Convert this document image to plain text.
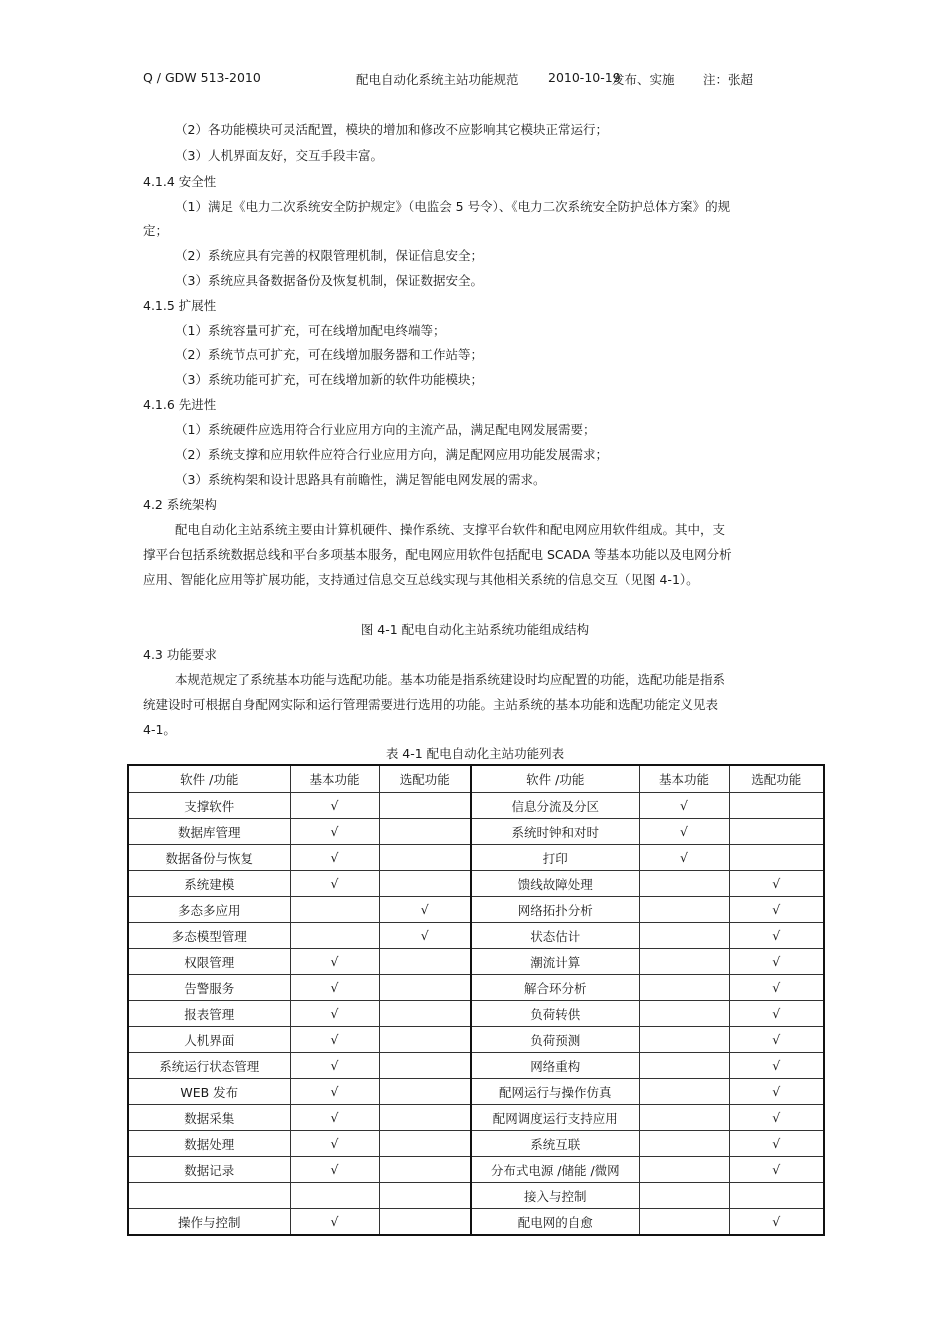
Q / GDW 513-2010	配电自动化系统主站功能规范 2010-10-19
发布、实施 注：张超
（2）各功能模块可灵活配置，模块的增加和修改不应影响其它模块正常运行；
（3）人机界面友好，交互手段丰富。
4.1.4 安全性
（1）满足《电力二次系统安全防护规定》（电监会 5 号令）、《电力二次系统安全防护总体方案》的规
定；
（2）系统应具有完善的权限管理机制，保证信息安全；
（3）系统应具备数据备份及恢复机制，保证数据安全。
4.1.5 扩展性
（1）系统容量可扩充，可在线增加配电终端等；
（2）系统节点可扩充，可在线增加服务器和工作站等；
（3）系统功能可扩充，可在线增加新的软件功能模块；
4.1.6 先进性
（1）系统硬件应选用符合行业应用方向的主流产品，满足配电网发展需要；
（2）系统支撑和应用软件应符合行业应用方向，满足配网应用功能发展需求；
（3）系统构架和设计思路具有前瞻性，满足智能电网发展的需求。
4.2 系统架构
配电自动化主站系统主要由计算机硬件、操作系统、支撑平台软件和配电网应用软件组成。其中，支
撑平台包括系统数据总线和平台多项基本服务，配电网应用软件包括配电 SCADA 等基本功能以及电网分析
应用、智能化应用等扩展功能，支持通过信息交互总线实现与其他相关系统的信息交互（见图 4-1）。
图 4-1 配电自动化主站系统功能组成结构
4.3 功能要求
本规范规定了系统基本功能与选配功能。基本功能是指系统建设时均应配置的功能，选配功能是指系
统建设时可根据自身配网实际和运行管理需要进行选用的功能。主站系统的基本功能和选配功能定义见表
4-1。
表 4-1 配电自动化主站功能列表
软件 /功能	基本功能	选配功能	软件 /功能	基本功能	选配功能
支撑软件	√		信息分流及分区	√	
数据库管理	√		系统时钟和对时	√	
数据备份与恢复	√		打印	√	
系统建模	√		馈线故障处理		√
多态多应用		√	网络拓扑分析		√
多态模型管理		√	状态估计		√
权限管理	√		潮流计算		√
告警服务	√		解合环分析		√
报表管理	√		负荷转供		√
人机界面	√		负荷预测		√
系统运行状态管理	√		网络重构		√
WEB 发布	√		配网运行与操作仿真		√
数据采集	√		配网调度运行支持应用		√
数据处理	√		系统互联		√
数据记录	√		分布式电源 /储能 /微网		√
			接入与控制		
操作与控制	√		配电网的自愈		√
